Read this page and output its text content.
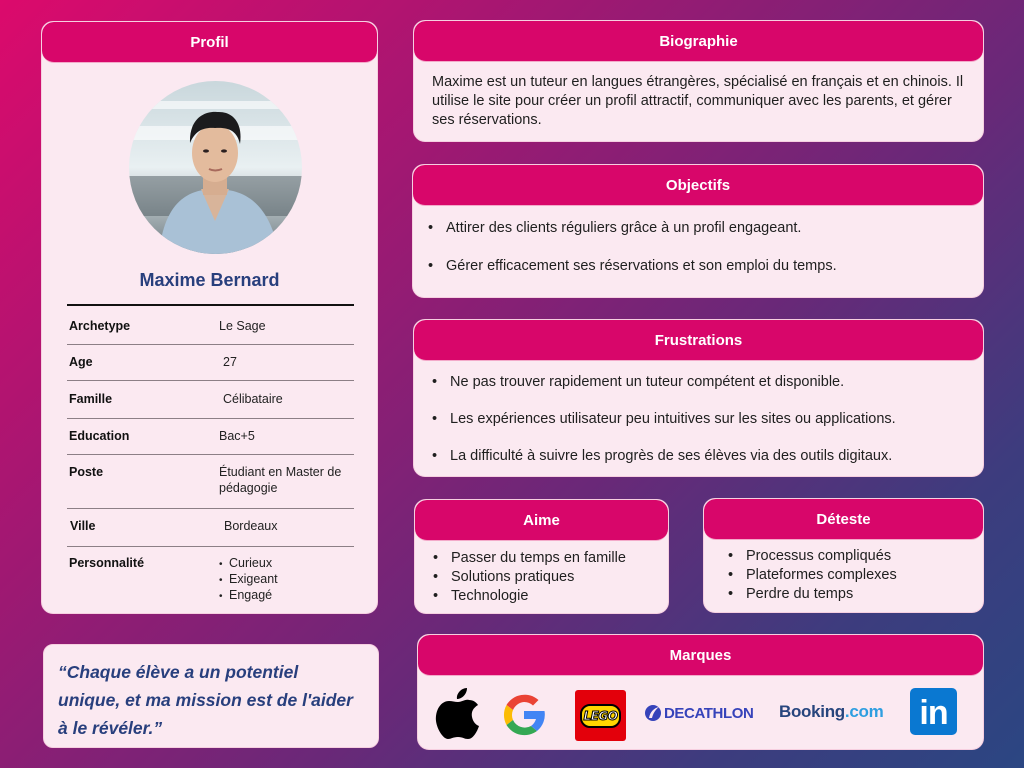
Profil
Maxime Bernard
Archetype	Le Sage
Age	27
Famille	Célibataire
Education	Bac+5
Poste	Étudiant en Master de pédagogie
Ville	Bordeaux
Personnalité	• Curieux
• Exigeant
• Engagé

“Chaque élève a un potentiel unique, et ma mission est de l'aider à le révéler.”

Biographie
Maxime est un tuteur en langues étrangères, spécialisé en français et en chinois. Il utilise le site pour créer un profil attractif, communiquer avec les parents, et gérer ses réservations.
Objectifs
• Attirer des clients réguliers grâce à un profil engageant.
• Gérer efficacement ses réservations et son emploi du temps.
Frustrations
• Ne pas trouver rapidement un tuteur compétent et disponible.
• Les expériences utilisateur peu intuitives sur les sites ou applications.
• La difficulté à suivre les progrès de ses élèves via des outils digitaux.
Aime
• Passer du temps en famille
• Solutions pratiques
• Technologie
Déteste
• Processus compliqués
• Plateformes complexes
• Perdre du temps
Marques
LEGO	DECATHLON Booking.com in
